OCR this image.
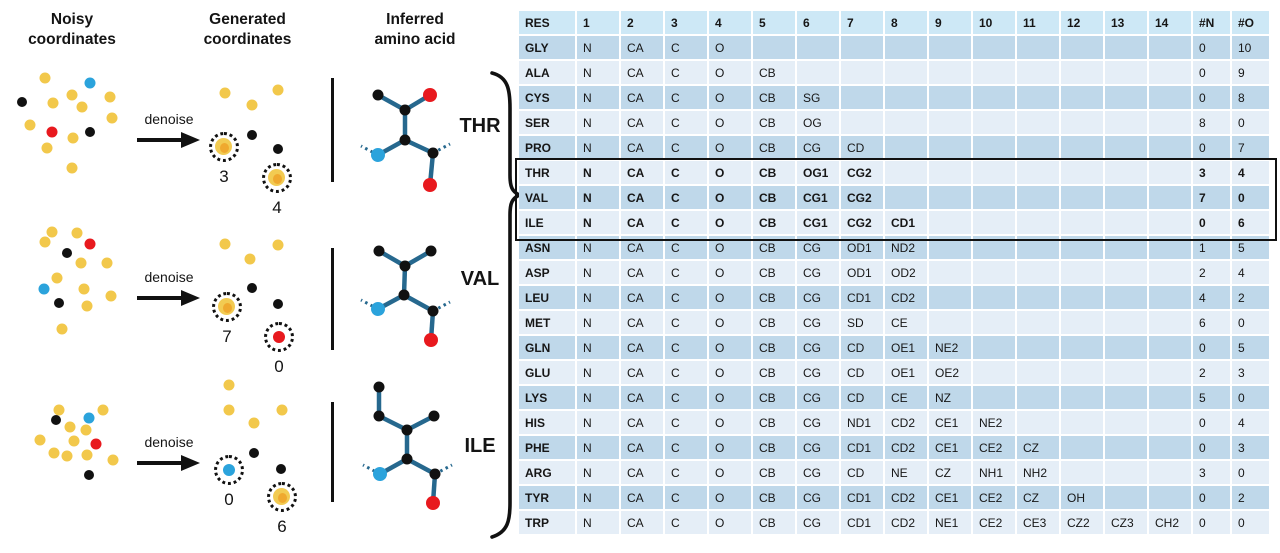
Noisy
coordinates
Generated
coordinates
Inferred
amino acid
denoise
3
4
THR
denoise
7
0
VAL
denoise
0
6
ILE
RES	1	2	3	4	5	6	7	8	9	10	11	12	13	14	#N	#O
GLY	N	CA	C	O											0	10
ALA	N	CA	C	O	CB										0	9
CYS	N	CA	C	O	CB	SG									0	8
SER	N	CA	C	O	CB	OG									8	0
PRO	N	CA	C	O	CB	CG	CD								0	7
THR	N	CA	C	O	CB	OG1	CG2								3	4
VAL	N	CA	C	O	CB	CG1	CG2								7	0
ILE	N	CA	C	O	CB	CG1	CG2	CD1							0	6
ASN	N	CA	C	O	CB	CG	OD1	ND2							1	5
ASP	N	CA	C	O	CB	CG	OD1	OD2							2	4
LEU	N	CA	C	O	CB	CG	CD1	CD2							4	2
MET	N	CA	C	O	CB	CG	SD	CE							6	0
GLN	N	CA	C	O	CB	CG	CD	OE1	NE2						0	5
GLU	N	CA	C	O	CB	CG	CD	OE1	OE2						2	3
LYS	N	CA	C	O	CB	CG	CD	CE	NZ						5	0
HIS	N	CA	C	O	CB	CG	ND1	CD2	CE1	NE2					0	4
PHE	N	CA	C	O	CB	CG	CD1	CD2	CE1	CE2	CZ				0	3
ARG	N	CA	C	O	CB	CG	CD	NE	CZ	NH1	NH2				3	0
TYR	N	CA	C	O	CB	CG	CD1	CD2	CE1	CE2	CZ	OH			0	2
TRP	N	CA	C	O	CB	CG	CD1	CD2	NE1	CE2	CE3	CZ2	CZ3	CH2	0	0
